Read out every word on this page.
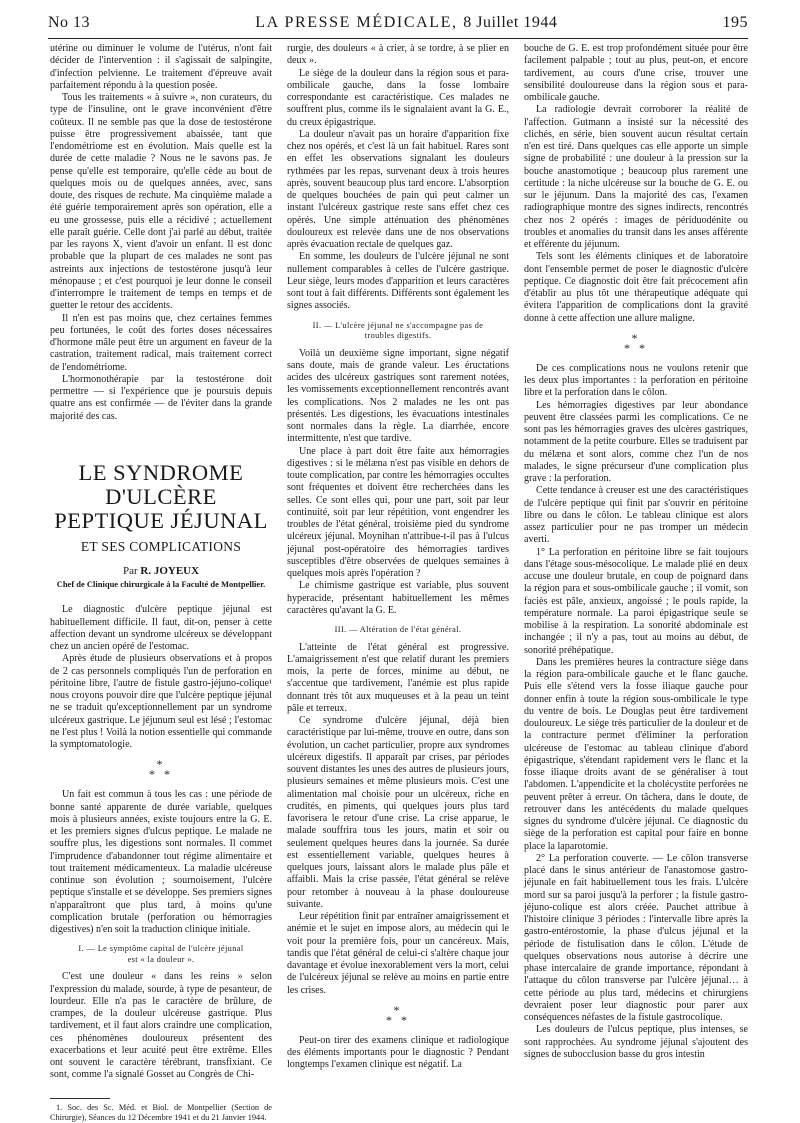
No 13	LA PRESSE MÉDICALE, 8 Juillet 1944	195

utérine ou diminuer le volume de l'utérus, n'ont fait décider de l'intervention : il s'agissait de salpingite, d'infection pelvienne. Le traitement d'épreuve avait parfaitement répondu à la question posée.

Tous les traitements « à suivre », non curateurs, du type de l'insuline, ont le grave inconvénient d'être coûteux. Il ne semble pas que la dose de testostérone puisse être progressivement abaissée, tant que l'endométriome est en évolution. Mais quelle est la durée de cette maladie ? Nous ne le savons pas. Je pense qu'elle est temporaire, qu'elle cède au bout de quelques mois ou de quelques années, avec, sans doute, des risques de rechute. Ma cinquième malade a été guérie temporairement après son opération, elle a eu une grossesse, puis elle a récidivé ; actuellement elle paraît guérie. Celle dont j'ai parlé au début, traitée par les rayons X, vient d'avoir un enfant. Il est donc probable que la plupart de ces malades ne sont pas astreints aux injections de testostérone jusqu'à leur ménopause ; et c'est pourquoi je leur donne le conseil d'interrompre le traitement de temps en temps et de guetter le retour des accidents.

Il n'en est pas moins que, chez certaines femmes peu fortunées, le coût des fortes doses nécessaires d'hormone mâle peut être un argument en faveur de la castration, traitement radical, mais traitement correct de l'endométriome.

L'hormonothérapie par la testostérone doit permettre — si l'expérience que je poursuis depuis quatre ans est confirmée — de l'éviter dans la grande majorité des cas.

LE SYNDROME
D'ULCÈRE PEPTIQUE JÉJUNAL
ET SES COMPLICATIONS
Par R. JOYEUX
Chef de Clinique chirurgicale à la Faculté de Montpellier.

Le diagnostic d'ulcère peptique jéjunal est habituellement difficile. Il faut, dit-on, penser à cette affection devant un syndrome ulcéreux se développant chez un ancien opéré de l'estomac.

Après étude de plusieurs observations et à propos de 2 cas personnels compliqués l'un de perforation en péritoine libre, l'autre de fistule gastro-jéjuno-colique¹ nous croyons pouvoir dire que l'ulcère peptique jéjunal ne se traduit qu'exceptionnellement par un syndrome ulcéreux gastrique. Le jéjunum seul est lésé ; l'estomac ne l'est plus ! Voilà la notion essentielle qui commande la symptomatologie.

*
* *

Un fait est commun à tous les cas : une période de bonne santé apparente de durée variable, quelques mois à plusieurs années, existe toujours entre la G. E. et les premiers signes d'ulcus peptique. Le malade ne souffre plus, les digestions sont normales. Il commet l'imprudence d'abandonner tout régime alimentaire et tout traitement médicamenteux. La maladie ulcéreuse continue son évolution ; sournoisement, l'ulcère peptique s'installe et se développe. Ses premiers signes n'apparaîtront que plus tard, à moins qu'une complication brutale (perforation ou hémorragies digestives) n'en soit la traduction clinique initiale.

I. — Le symptôme capital de l'ulcère jéjunal
est « la douleur ».

C'est une douleur « dans les reins » selon l'expression du malade, sourde, à type de pesanteur, de lourdeur. Elle n'a pas le caractère de brûlure, de crampes, de la douleur ulcéreuse gastrique. Plus tardivement, et il faut alors craindre une complication, ces phénomènes douloureux présentent des exacerbations et leur acuité peut être extrême. Elles ont souvent le caractère térébrant, transfixiant. Ce sont, comme l'a signalé Gosset au Congrès de Chi-

1. Soc. des Sc. Méd. et Biol. de Montpellier (Section de Chirurgie), Séances du 12 Décembre 1941 et du 21 Janvier 1944.

rurgie, des douleurs « à crier, à se tordre, à se plier en deux ».

Le siège de la douleur dans la région sous et para-ombilicale gauche, dans la fosse lombaire correspondante est caractéristique. Ces malades ne souffrent plus, comme ils le signalaient avant la G. E., du creux épigastrique.

La douleur n'avait pas un horaire d'apparition fixe chez nos opérés, et c'est là un fait habituel. Rares sont en effet les observations signalant les douleurs rythmées par les repas, survenant deux à trois heures après, souvent beaucoup plus tard encore. L'absorption de quelques bouchées de pain qui peut calmer un instant l'ulcéreux gastrique reste sans effet chez ces opérés. Une simple atténuation des phénomènes douloureux est relevée dans une de nos observations après évacuation rectale de quelques gaz.

En somme, les douleurs de l'ulcère jéjunal ne sont nullement comparables à celles de l'ulcère gastrique. Leur siège, leurs modes d'apparition et leurs caractères sont tout à fait différents. Différents sont également les signes associés.

II. — L'ulcère jéjunal ne s'accompagne pas de
troubles digestifs.

Voilà un deuxième signe important, signe négatif sans doute, mais de grande valeur. Les éructations acides des ulcéreux gastriques sont rarement notées, les vomissements exceptionnellement rencontrés avant les complications. Nos 2 malades ne les ont pas présentés. Les digestions, les évacuations intestinales sont normales dans la règle. La diarrhée, encore intermittente, n'est que tardive.

Une place à part doit être faite aux hémorragies digestives : si le mélæna n'est pas visible en dehors de toute complication, par contre les hémorragies occultes sont fréquentes et doivent être recherchées dans les selles. Ce sont elles qui, pour une part, soit par leur continuité, soit par leur répétition, vont engendrer les troubles de l'état général, troisième pied du syndrome ulcéreux jéjunal. Moynihan n'attribue-t-il pas à l'ulcus jéjunal post-opératoire des hémorragies tardives susceptibles d'être observées de quelques semaines à quelques mois après l'opération ?

Le chimisme gastrique est variable, plus souvent hyperacide, présentant habituellement les mêmes caractères qu'avant la G. E.

III. — Altération de l'état général.

L'atteinte de l'état général est progressive. L'amaigrissement n'est que relatif durant les premiers mois, la perte de forces, minime au début, ne s'accentue que tardivement, l'anémie est plus rapide donnant très tôt aux muqueuses et à la peau un teint pâle et terreux.

Ce syndrome d'ulcère jéjunal, déjà bien caractéristique par lui-même, trouve en outre, dans son évolution, un cachet particulier, propre aux syndromes ulcéreux digestifs. Il apparaît par crises, par périodes souvent distantes les unes des autres de plusieurs jours, plusieurs semaines et même plusieurs mois. C'est une alimentation mal choisie pour un ulcéreux, riche en crudités, en piments, qui quelques jours plus tard favorisera le retour d'une crise. La crise apparue, le malade souffrira tous les jours, matin et soir ou seulement quelques heures dans la journée. Sa durée est essentiellement variable, quelques heures à quelques jours, laissant alors le malade plus pâle et affaibli. Mais la crise passée, l'état général se relève pour retomber à nouveau à la phase douloureuse suivante.

Leur répétition finit par entraîner amaigrissement et anémie et le sujet en impose alors, au médecin qui le voit pour la première fois, pour un cancéreux. Mais, tandis que l'état général de celui-ci s'altère chaque jour davantage et évolue inexorablement vers la mort, celui de l'ulcéreux jéjunal se relève au moins en partie entre les crises.

*
* *

Peut-on tirer des examens clinique et radiologique des éléments importants pour le diagnostic ? Pendant longtemps l'examen clinique est négatif. La

bouche de G. E. est trop profondément située pour être facilement palpable ; tout au plus, peut-on, et encore tardivement, au cours d'une crise, trouver une sensibilité douloureuse dans la région sous et para-ombilicale gauche.

La radiologie devrait corroborer la réalité de l'affection. Gutmann a insisté sur la nécessité des clichés, en série, bien souvent aucun résultat certain n'en est tiré. Dans quelques cas elle apporte un simple signe de probabilité : une douleur à la pression sur la bouche anastomotique ; beaucoup plus rarement une certitude : la niche ulcéreuse sur la bouche de G. E. ou sur le jéjunum. Dans la majorité des cas, l'examen radiographique montre des signes indirects, rencontrés chez nos 2 opérés : images de périduodénite ou troubles et anomalies du transit dans les anses afférente et efférente du jéjunum.

Tels sont les éléments cliniques et de laboratoire dont l'ensemble permet de poser le diagnostic d'ulcère peptique. Ce diagnostic doit être fait précocement afin d'établir au plus tôt une thérapeutique adéquate qui évitera l'apparition de complications dont la gravité donne à cette affection une allure maligne.

*
* *

De ces complications nous ne voulons retenir que les deux plus importantes : la perforation en péritoine libre et la perforation dans le côlon.

Les hémorragies digestives par leur abondance peuvent être classées parmi les complications. Ce ne sont pas les hémorragies graves des ulcères gastriques, notamment de la petite courbure. Elles se traduisent par du mélæna et sont alors, comme chez l'un de nos malades, le signe précurseur d'une complication plus grave : la perforation.

Cette tendance à creuser est une des caractéristiques de l'ulcère peptique qui finit par s'ouvrir en péritoine libre ou dans le côlon. Le tableau clinique est alors assez particulier pour ne pas tromper un médecin averti.

1° La perforation en péritoine libre se fait toujours dans l'étage sous-mésocolique. Le malade plié en deux accuse une douleur brutale, en coup de poignard dans la région para et sous-ombilicale gauche ; il vomit, son faciès est pâle, anxieux, angoissé ; le pouls rapide, la température normale. La paroi épigastrique seule se mobilise à la respiration. La sonorité abdominale est inchangée ; il n'y a pas, tout au moins au début, de sonorité préhépatique.

Dans les premières heures la contracture siège dans la région para-ombilicale gauche et le flanc gauche. Puis elle s'étend vers la fosse iliaque gauche pour donner enfin à toute la région sous-ombilicale le type du ventre de bois. Le Douglas peut être tardivement douloureux. Le siège très particulier de la douleur et de la contracture permet d'éliminer la perforation ulcéreuse de l'estomac au tableau clinique d'abord épigastrique, s'étendant rapidement vers le flanc et la fosse iliaque droits avant de se généraliser à tout l'abdomen. L'appendicite et la cholécystite perforées ne peuvent prêter à erreur. On tâchera, dans le doute, de retrouver dans les antécédents du malade quelques signes du syndrome d'ulcère jéjunal. Ce diagnostic du siège de la perforation est capital pour faire en bonne place la laparotomie.

2° La perforation couverte. — Le côlon transverse placé dans le sinus antérieur de l'anastomose gastro-jéjunale en fait habituellement tous les frais. L'ulcère mord sur sa paroi jusqu'à la perforer ; la fistule gastro-jéjuno-colique est alors créée. Pauchet attribue à l'histoire clinique 3 périodes : l'intervalle libre après la gastro-entérostomie, la phase d'ulcus jéjunal et la période de fistulisation dans le côlon. L'étude de quelques observations nous autorise à décrire une phase intercalaire de grande importance, répondant à l'attaque du côlon transverse par l'ulcère jéjunal… à cette période au plus tard, médecins et chirurgiens devraient poser leur diagnostic pour parer aux conséquences néfastes de la fistule gastrocolique.

Les douleurs de l'ulcus peptique, plus intenses, se sont rapprochées. Au syndrome jéjunal s'ajoutent des signes de subocclusion basse du gros intestin
